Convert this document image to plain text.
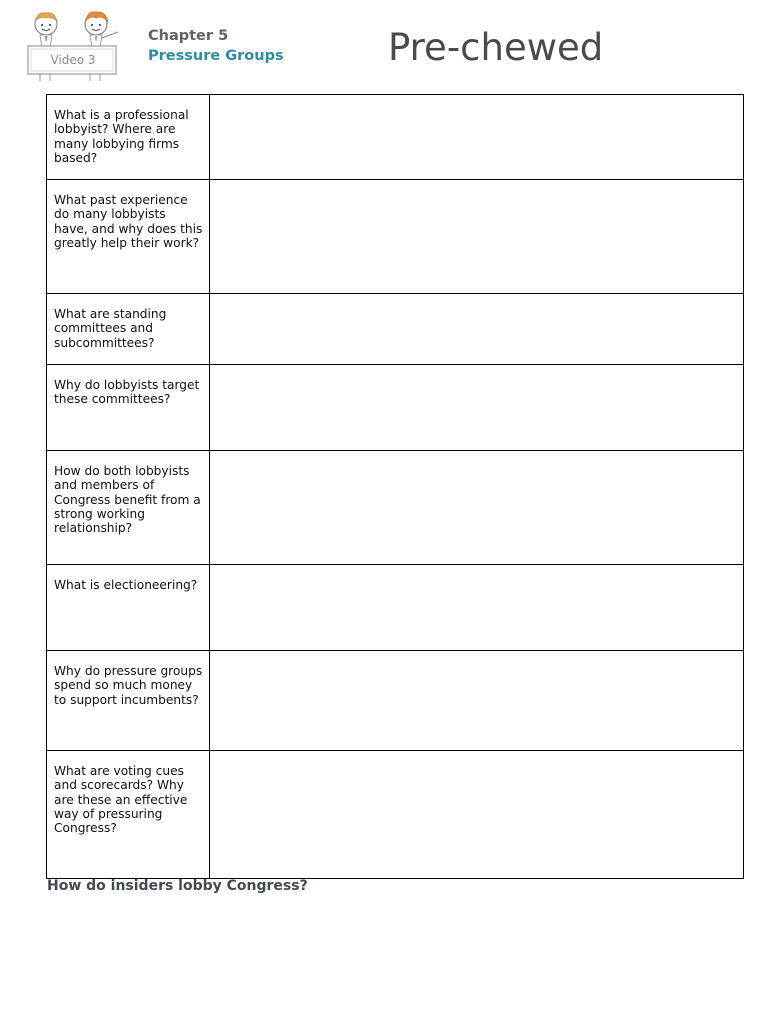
Video 3
Chapter 5
Pressure Groups	Pre-chewed
What is a professional lobbyist? Where are many lobbying firms based?	

What past experience do many lobbyists have, and why does this greatly help their work?	

What are standing committees and subcommittees?	

Why do lobbyists target these committees?	

How do both lobbyists and members of Congress benefit from a strong working relationship?	

What is electioneering?	

Why do pressure groups spend so much money to support incumbents?	

What are voting cues and scorecards? Why are these an effective way of pressuring Congress?	

How do insiders lobby Congress?
